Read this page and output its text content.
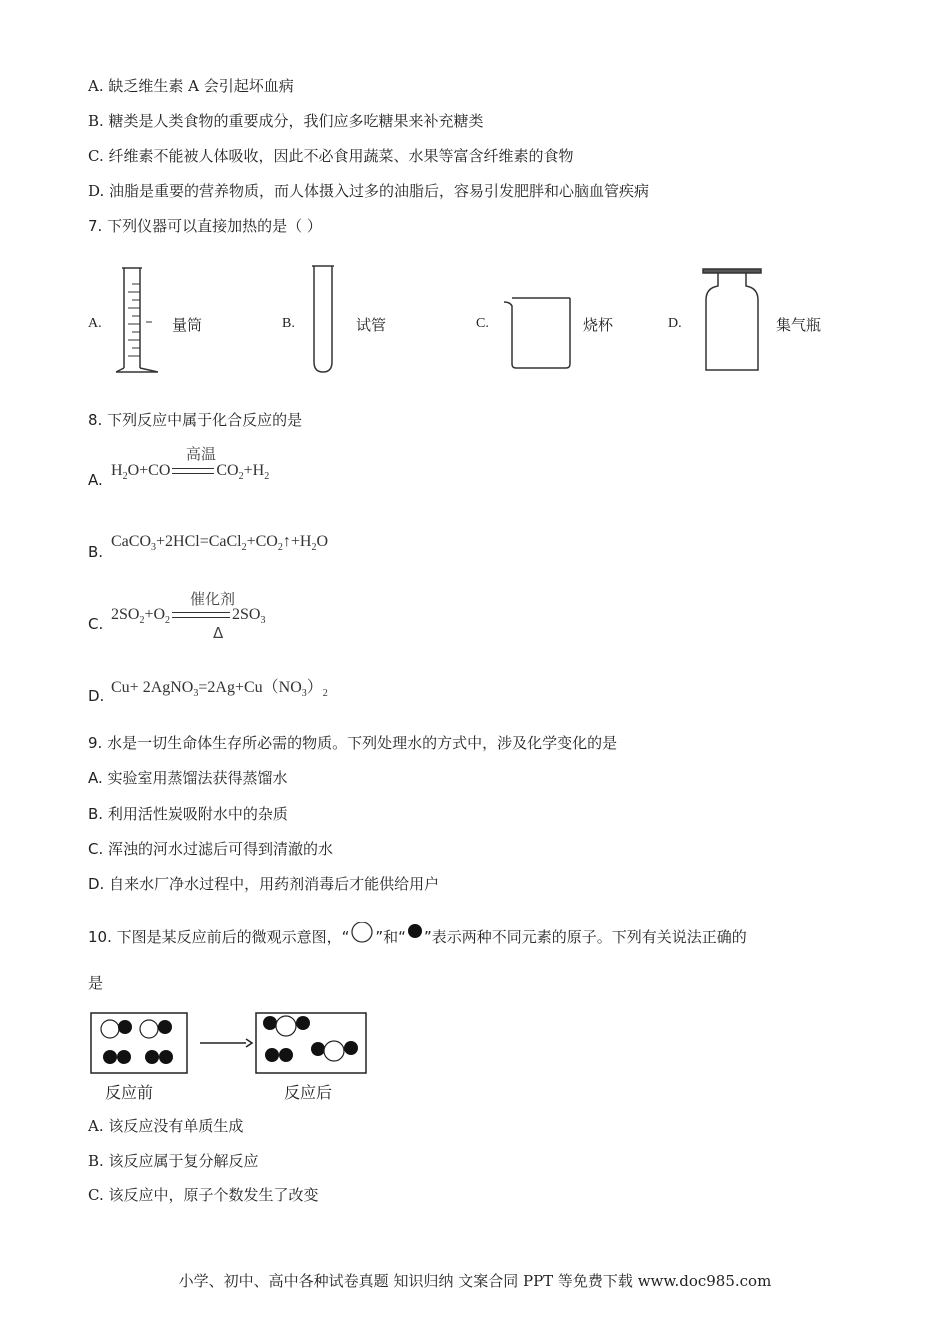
A. 缺乏维生素 A 会引起坏血病
B. 糖类是人类食物的重要成分，我们应多吃糖果来补充糖类
C. 纤维素不能被人体吸收，因此不必食用蔬菜、水果等富含纤维素的食物
D. 油脂是重要的营养物质，而人体摄入过多的油脂后，容易引发肥胖和心脑血管疾病
7. 下列仪器可以直接加热的是（ ）
A.	量筒	B.	试管	C.	烧杯	D.	集气瓶
8. 下列反应中属于化合反应的是
A.
高温
$H_2O+CO$	$CO_2+H_2$
B.
$CaCO_3+2HCl=CaCl_2+CO_2↑+H_2O$
C.
催化剂
Δ
$2SO_2+O_2$	$2SO_3$
D. $Cu+ 2AgNO_3=2Ag+Cu(NO_3)_2$
9. 水是一切生命体生存所必需的物质。下列处理水的方式中，涉及化学变化的是
A. 实验室用蒸馏法获得蒸馏水
B. 利用活性炭吸附水中的杂质
C. 浑浊的河水过滤后可得到清澈的水
D. 自来水厂净水过程中，用药剂消毒后才能供给用户
10. 下图是某反应前后的微观示意图，“ ”和“ ”表示两种不同元素的原子。下列有关说法正确的
是
反应前	反应后
A. 该反应没有单质生成
B. 该反应属于复分解反应
C. 该反应中，原子个数发生了改变
小学、初中、高中各种试卷真题 知识归纳 文案合同 PPT 等免费下载 www.doc985.com
